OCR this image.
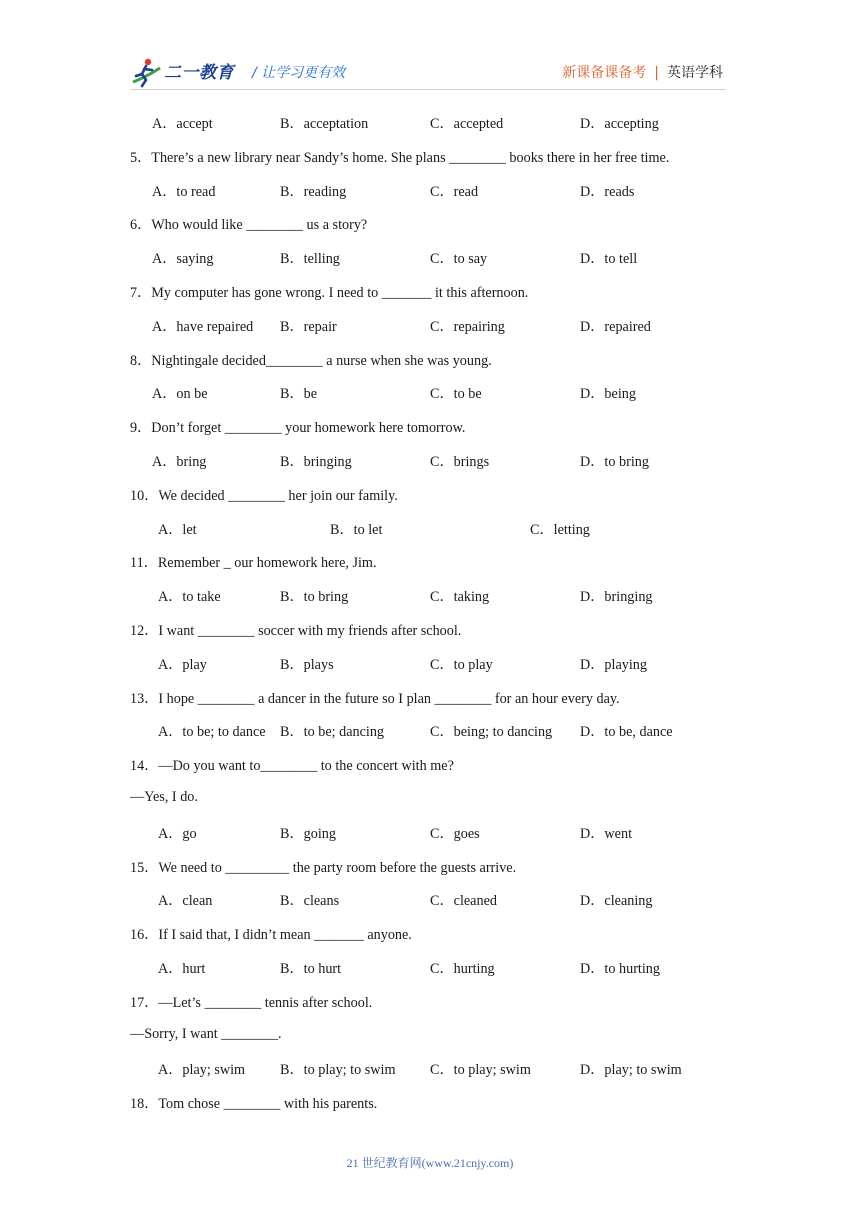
二一教育 / 让学习更有效	新课备课备考 | 英语学科
A．accept	B．acceptation	C．accepted	D．accepting
5．There’s a new library near Sandy’s home. She plans ________ books there in her free time.
A．to read	B．reading	C．read	D．reads
6．Who would like ________ us a story?
A．saying	B．telling	C．to say	D．to tell
7．My computer has gone wrong. I need to _______ it this afternoon.
A．have repaired B．repair	C．repairing	D．repaired
8．Nightingale decided________ a nurse when she was young.
A．on be	B．be	C．to be	D．being
9．Don’t forget ________ your homework here tomorrow.
A．bring	B．bringing	C．brings	D．to bring
10．We decided ________ her join our family.
A．let	B．to let	C．letting
11．Remember _ our homework here, Jim.
A．to take	B．to bring	C．taking	D．bringing
12．I want ________ soccer with my friends after school.
A．play	B．plays	C．to play	D．playing
13．I hope ________ a dancer in the future so I plan ________ for an hour every day.
A．to be; to dance B．to be; dancing	C．being; to dancing D．to be, dance
14．—Do you want to________ to the concert with me?
—Yes, I do.
A．go	B．going	C．goes	D．went
15．We need to _________ the party room before the guests arrive.
A．clean	B．cleans	C．cleaned	D．cleaning
16．If I said that, I didn’t mean _______ anyone.
A．hurt	B．to hurt	C．hurting	D．to hurting
17．—Let’s ________ tennis after school.
—Sorry, I want ________.
A．play; swim B．to play; to swim C．to play; swim	D．play; to swim
18．Tom chose ________ with his parents.
21 世纪教育网(www.21cnjy.com)
